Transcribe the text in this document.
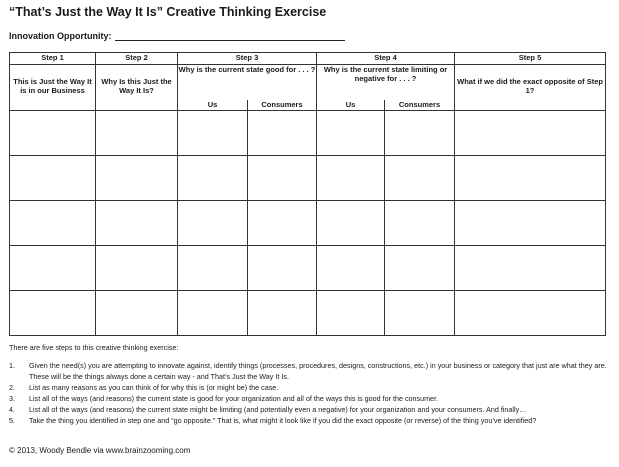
“That’s Just the Way It Is” Creative Thinking Exercise
Innovation Opportunity:
Step 1	Step 2	Step 3		Step 4		Step 5
This is Just the Way It is in our Business	Why Is this Just the Way It Is?	Why is the current state good for . . . ?		Why is the current state limiting or negative for . . . ?		What if we did the exact opposite of Step 1?
		Us	Consumers	Us	Consumers	

There are five steps to this creative thinking exercise:
1. Given the need(s) you are attempting to innovate against, identify things (processes, procedures, designs, constructions, etc.) in your business or category that just are what they are. These will be the things always done a certain way - and That’s Just the Way It Is.
2. List as many reasons as you can think of for why this is (or might be) the case.
3. List all of the ways (and reasons) the current state is good for your organization and all of the ways this is good for the consumer.
4. List all of the ways (and reasons) the current state might be limiting (and potentially even a negative) for your organization and your consumers. And finally…
5. Take the thing you identified in step one and “go opposite.” That is, what might it look like if you did the exact opposite (or reverse) of the thing you’ve identified?
© 2013, Woody Bendle via www.brainzooming.com
